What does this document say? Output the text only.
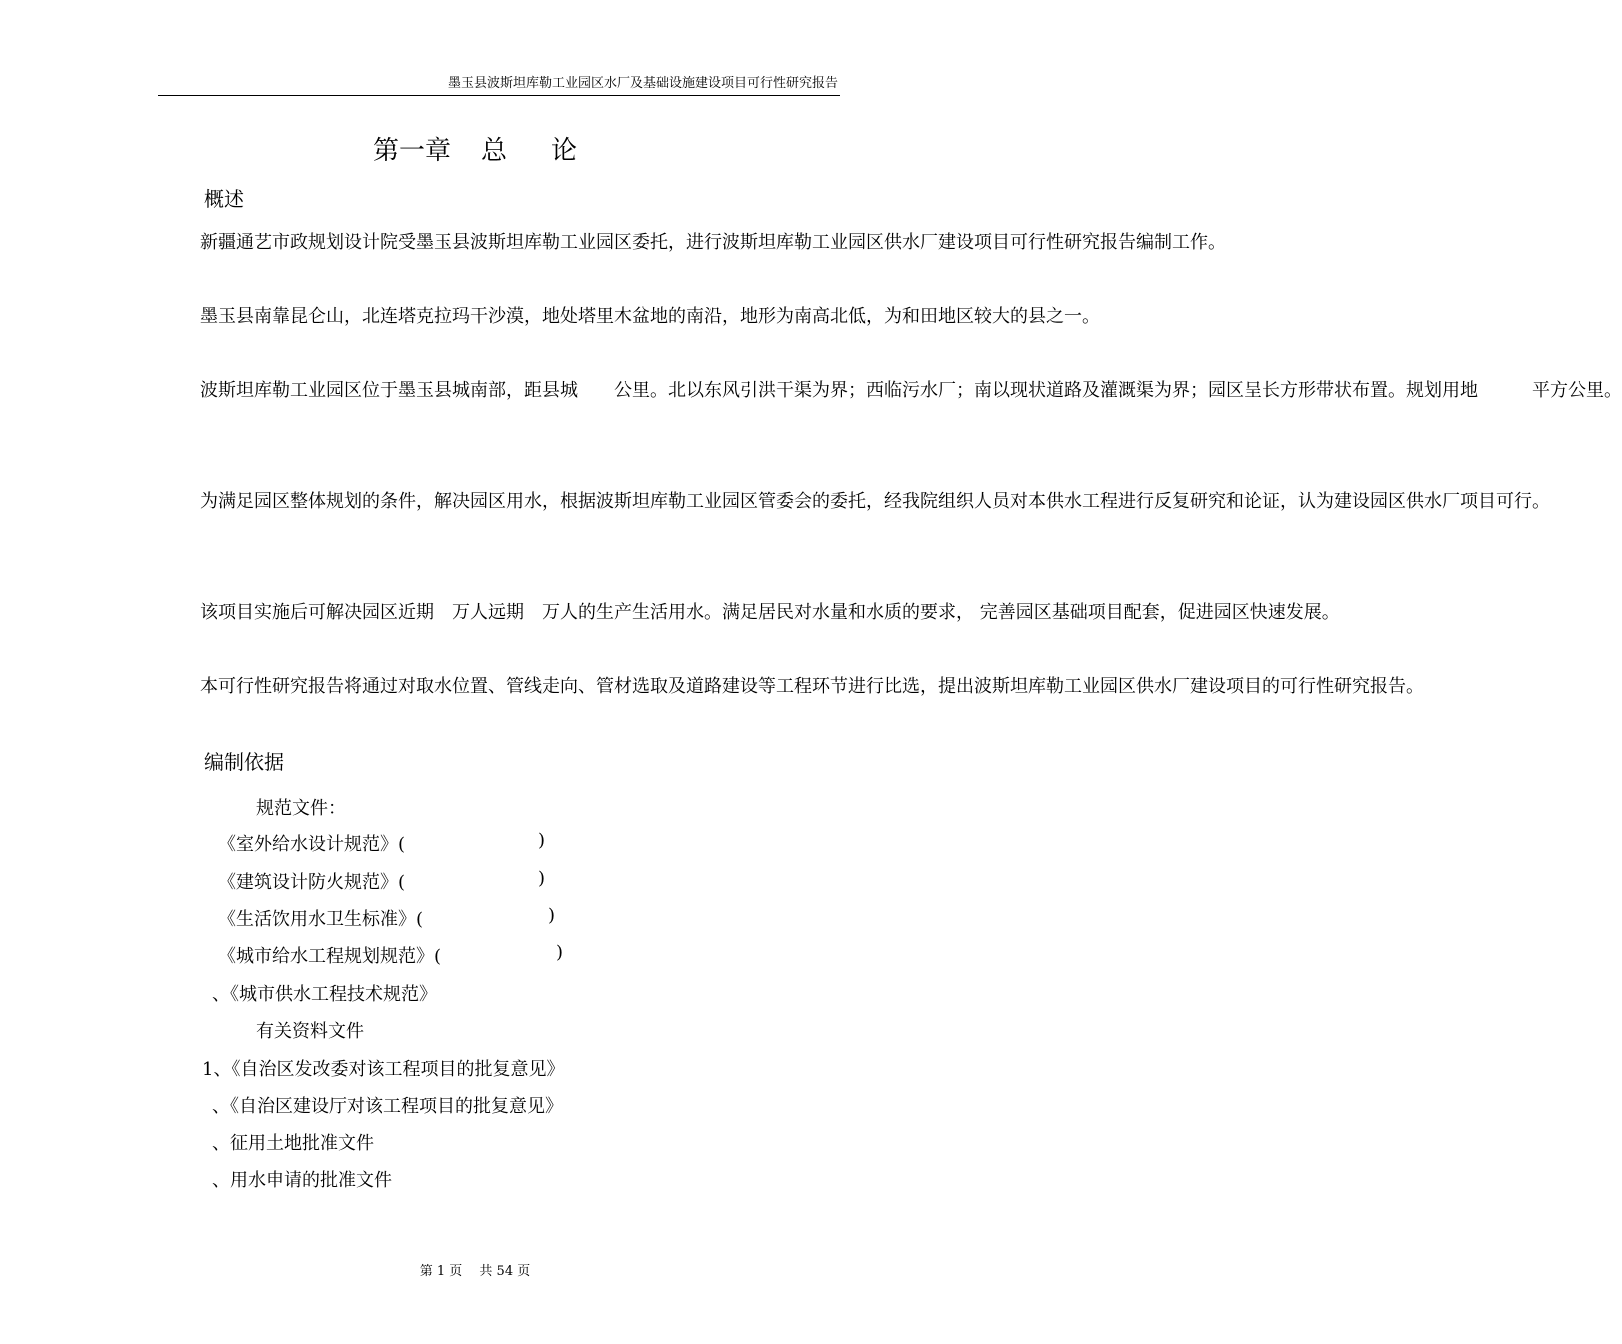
墨玉县波斯坦库勒工业园区水厂及基础设施建设项目可行性研究报告
第一章 总 论
概述

新疆通艺市政规划设计院受墨玉县波斯坦库勒工业园区委托，进行波斯坦库勒工业园区供水厂建设项目可行性研究报告编制工作。

墨玉县南靠昆仑山，北连塔克拉玛干沙漠，地处塔里木盆地的南沿，地形为南高北低，为和田地区较大的县之一。

波斯坦库勒工业园区位于墨玉县城南部，距县城　　公里。北以东风引洪干渠为界；西临污水厂；南以现状道路及灌溉渠为界；园区呈长方形带状布置。规划用地　　　平方公里。

为满足园区整体规划的条件，解决园区用水，根据波斯坦库勒工业园区管委会的委托，经我院组织人员对本供水工程进行反复研究和论证，认为建设园区供水厂项目可行。

该项目实施后可解决园区近期　万人远期　万人的生产生活用水。满足居民对水量和水质的要求， 完善园区基础项目配套，促进园区快速发展。

本可行性研究报告将通过对取水位置、管线走向、管材选取及道路建设等工程环节进行比选，提出波斯坦库勒工业园区供水厂建设项目的可行性研究报告。

编制依据
规范文件：
《室外给水设计规范》(	)
《建筑设计防火规范》(	)
《生活饮用水卫生标准》(	)
《城市给水工程规划规范》(	)
、《城市供水工程技术规范》
有关资料文件
1、《自治区发改委对该工程项目的批复意见》
、《自治区建设厅对该工程项目的批复意见》
、征用土地批准文件
、用水申请的批准文件
第 1 页　 共 54 页
